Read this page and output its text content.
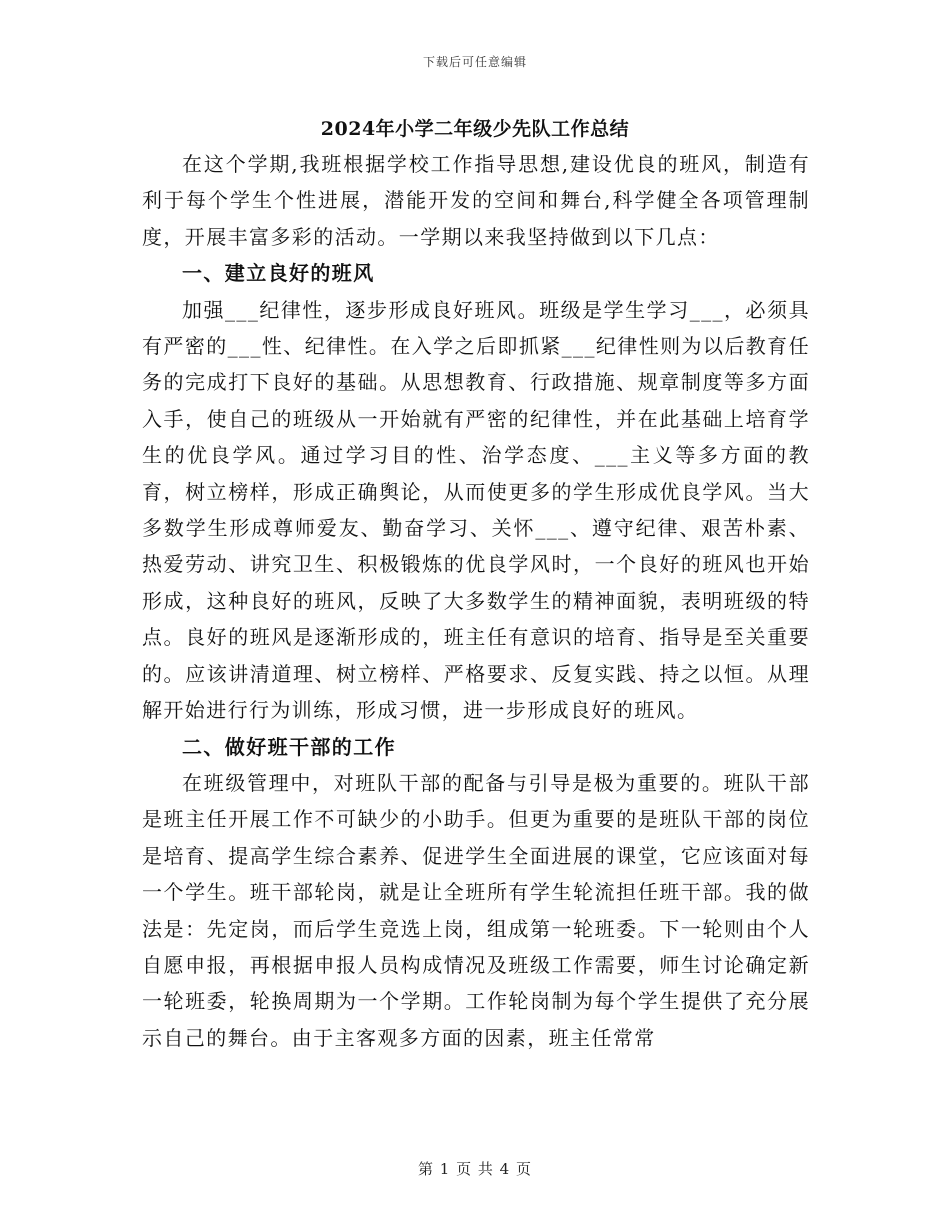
下载后可任意编辑
2024年小学二年级少先队工作总结

在这个学期,我班根据学校工作指导思想,建设优良的班风，制造有利于每个学生个性进展，潜能开发的空间和舞台,科学健全各项管理制度，开展丰富多彩的活动。一学期以来我坚持做到以下几点：

一、建立良好的班风

加强___纪律性，逐步形成良好班风。班级是学生学习___，必须具有严密的___性、纪律性。在入学之后即抓紧___纪律性则为以后教育任务的完成打下良好的基础。从思想教育、行政措施、规章制度等多方面入手，使自己的班级从一开始就有严密的纪律性，并在此基础上培育学生的优良学风。通过学习目的性、治学态度、___主义等多方面的教育，树立榜样，形成正确舆论，从而使更多的学生形成优良学风。当大多数学生形成尊师爱友、勤奋学习、关怀___、遵守纪律、艰苦朴素、热爱劳动、讲究卫生、积极锻炼的优良学风时，一个良好的班风也开始形成，这种良好的班风，反映了大多数学生的精神面貌，表明班级的特点。良好的班风是逐渐形成的，班主任有意识的培育、指导是至关重要的。应该讲清道理、树立榜样、严格要求、反复实践、持之以恒。从理解开始进行行为训练，形成习惯，进一步形成良好的班风。

二、做好班干部的工作

在班级管理中，对班队干部的配备与引导是极为重要的。班队干部是班主任开展工作不可缺少的小助手。但更为重要的是班队干部的岗位是培育、提高学生综合素养、促进学生全面进展的课堂，它应该面对每一个学生。班干部轮岗，就是让全班所有学生轮流担任班干部。我的做法是：先定岗，而后学生竞选上岗，组成第一轮班委。下一轮则由个人自愿申报，再根据申报人员构成情况及班级工作需要，师生讨论确定新一轮班委，轮换周期为一个学期。工作轮岗制为每个学生提供了充分展示自己的舞台。由于主客观多方面的因素，班主任常常

第 1 页 共 4 页
